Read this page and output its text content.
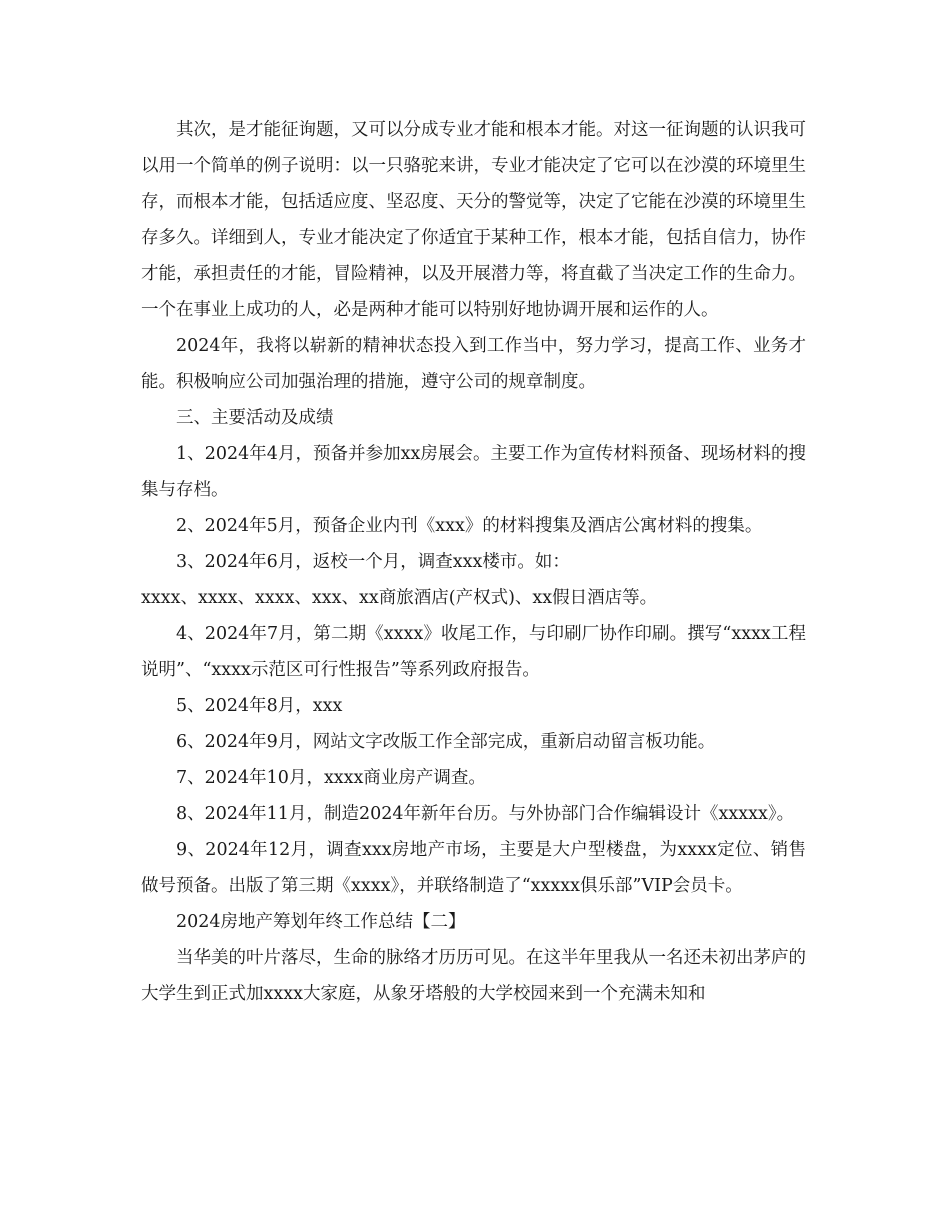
其次，是才能征询题，又可以分成专业才能和根本才能。对这一征询题的认识我可以用一个简单的例子说明：以一只骆驼来讲，专业才能决定了它可以在沙漠的环境里生存，而根本才能，包括适应度、坚忍度、天分的警觉等，决定了它能在沙漠的环境里生存多久。详细到人，专业才能决定了你适宜于某种工作，根本才能，包括自信力，协作才能，承担责任的才能，冒险精神，以及开展潜力等，将直截了当决定工作的生命力。一个在事业上成功的人，必是两种才能可以特别好地协调开展和运作的人。

2024年，我将以崭新的精神状态投入到工作当中，努力学习，提高工作、业务才能。积极响应公司加强治理的措施，遵守公司的规章制度。

三、主要活动及成绩

1、2024年4月，预备并参加xx房展会。主要工作为宣传材料预备、现场材料的搜集与存档。

2、2024年5月，预备企业内刊《xxx》的材料搜集及酒店公寓材料的搜集。

3、2024年6月，返校一个月，调查xxx楼市。如：

xxxx、xxxx、xxxx、xxx、xx商旅酒店(产权式)、xx假日酒店等。

4、2024年7月，第二期《xxxx》收尾工作，与印刷厂协作印刷。撰写“xxxx工程说明”、“xxxx示范区可行性报告”等系列政府报告。

5、2024年8月，xxx

6、2024年9月，网站文字改版工作全部完成，重新启动留言板功能。

7、2024年10月，xxxx商业房产调查。

8、2024年11月，制造2024年新年台历。与外协部门合作编辑设计《xxxxx》。

9、2024年12月，调查xxx房地产市场，主要是大户型楼盘，为xxxx定位、销售做号预备。出版了第三期《xxxx》，并联络制造了“xxxxx俱乐部”VIP会员卡。

2024房地产筹划年终工作总结【二】

当华美的叶片落尽，生命的脉络才历历可见。在这半年里我从一名还未初出茅庐的大学生到正式加xxxx大家庭，从象牙塔般的大学校园来到一个充满未知和
